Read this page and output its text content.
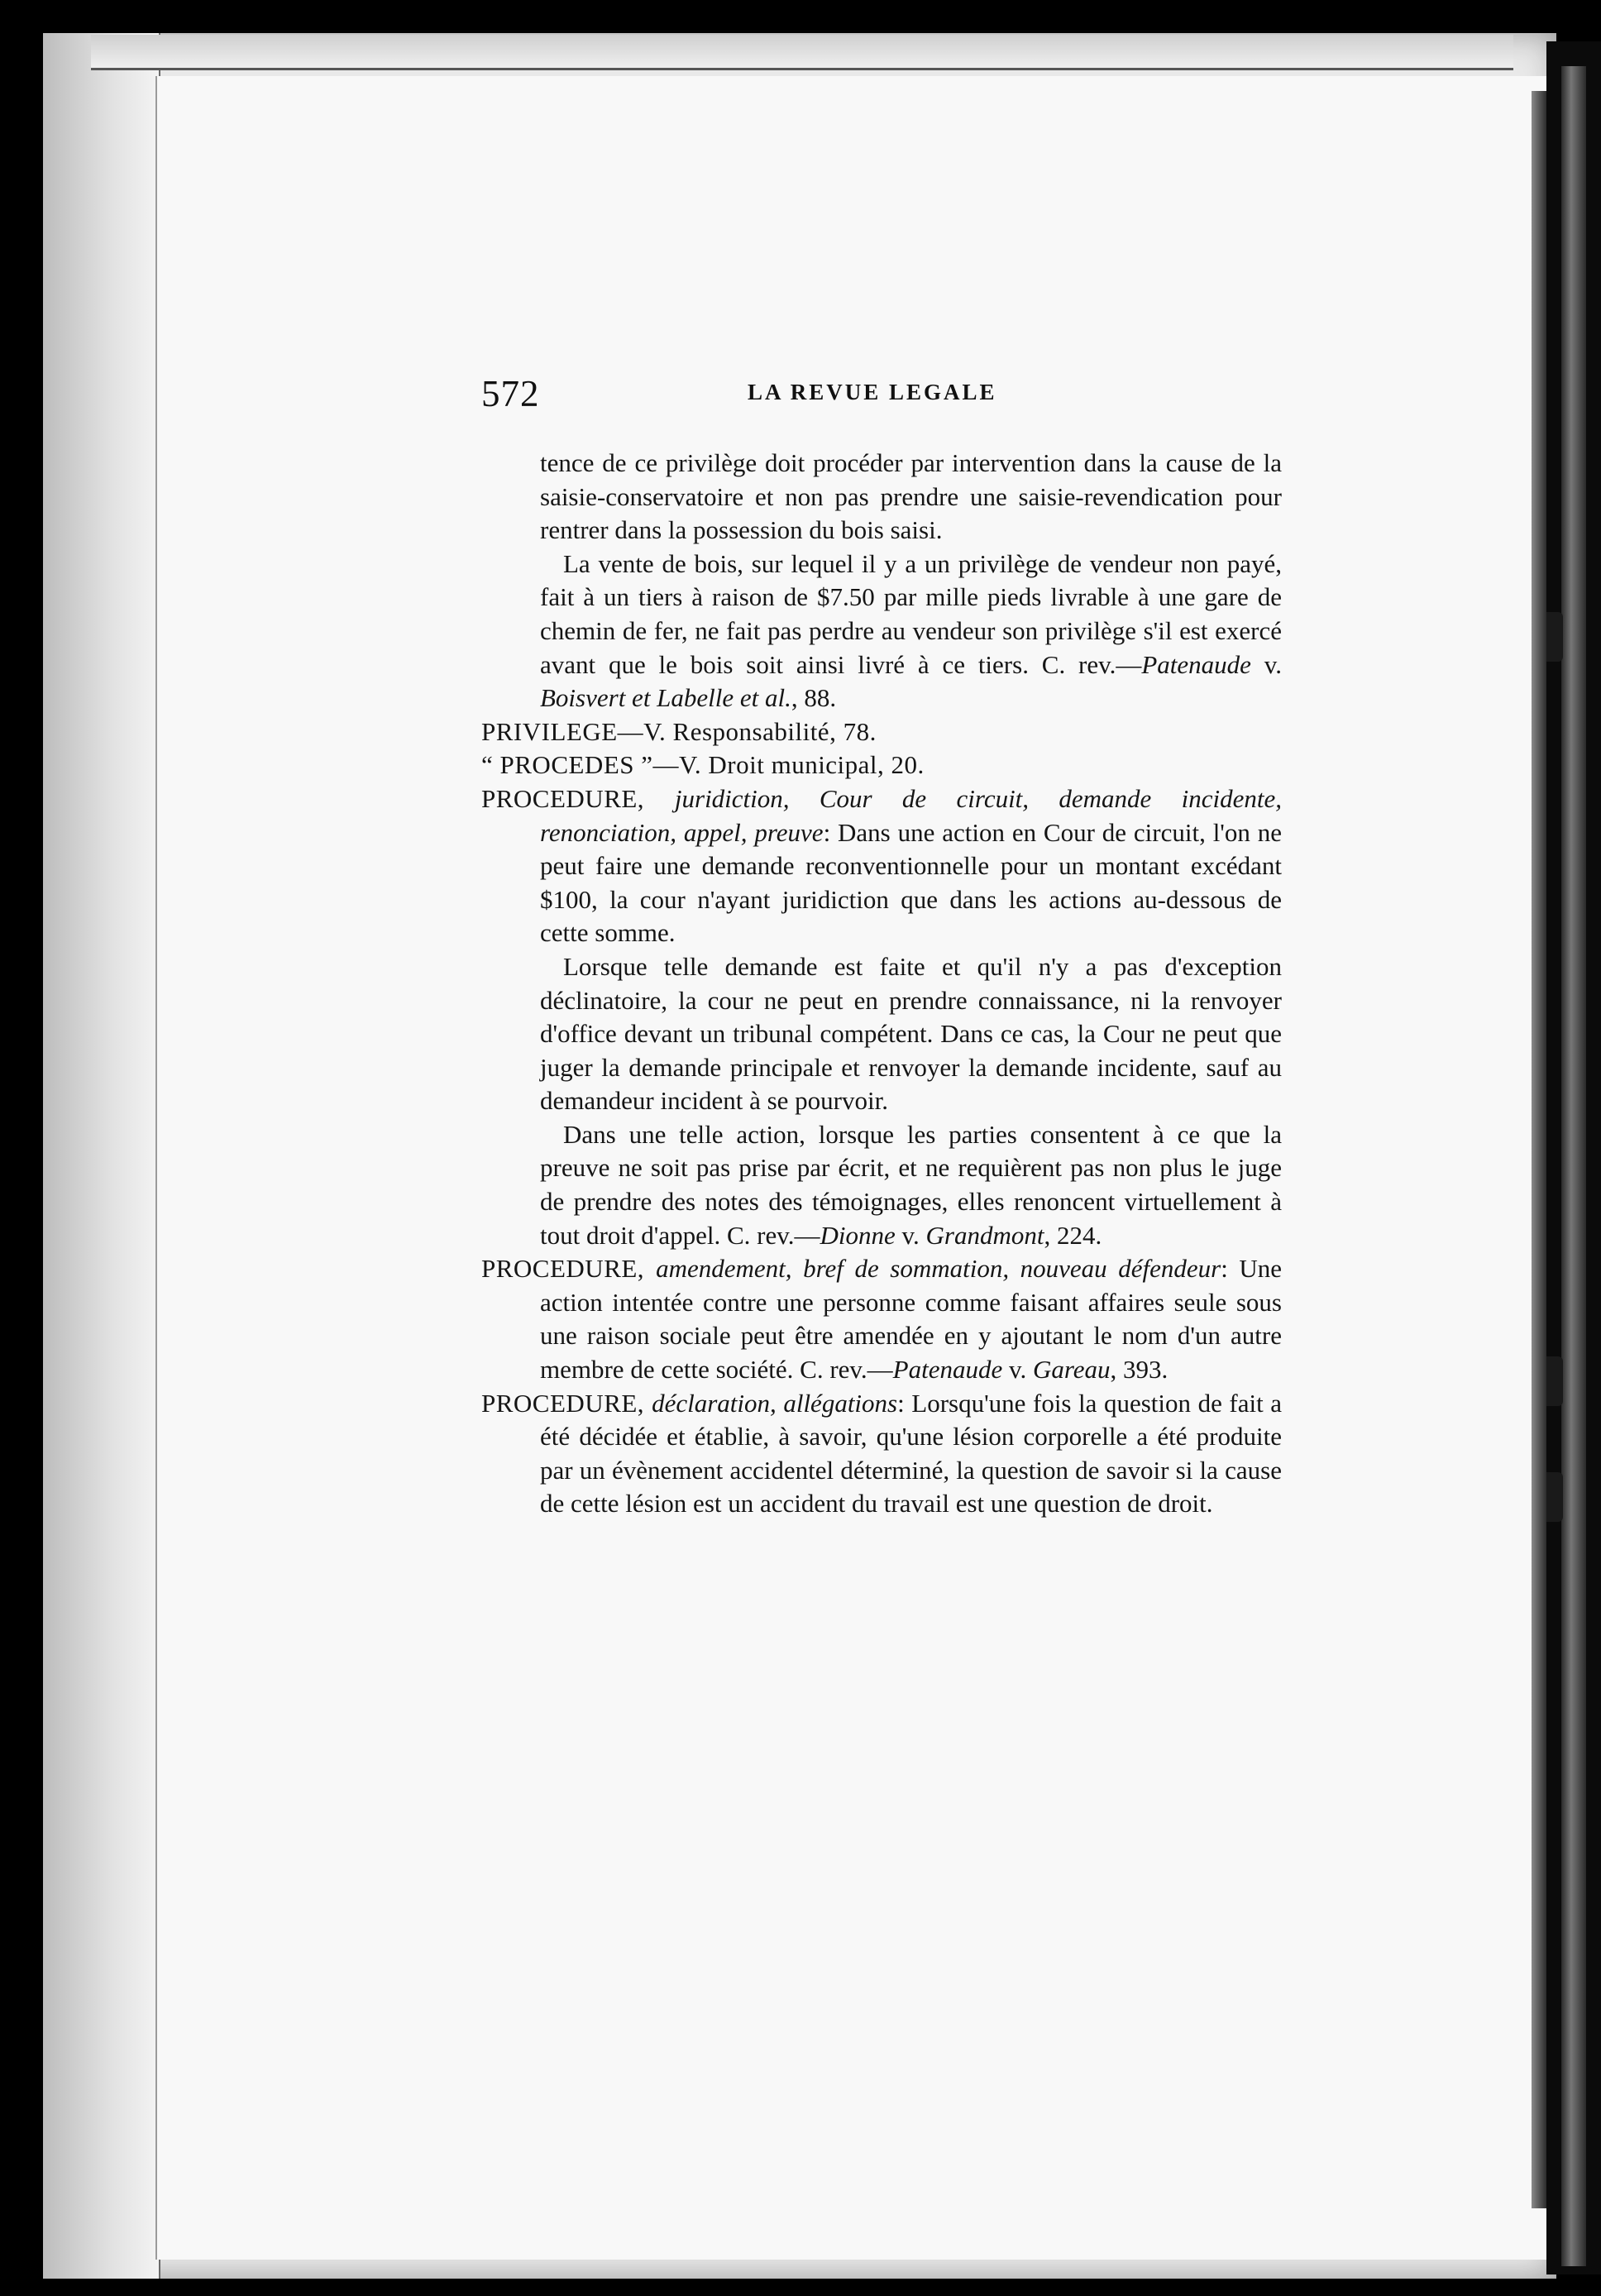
572	LA REVUE LEGALE

tence de ce privilège doit procéder par intervention dans la cause de la saisie-conservatoire et non pas prendre une saisie-revendication pour rentrer dans la possession du bois saisi.

La vente de bois, sur lequel il y a un privilège de vendeur non payé, fait à un tiers à raison de $7.50 par mille pieds livrable à une gare de chemin de fer, ne fait pas perdre au vendeur son privilège s'il est exercé avant que le bois soit ainsi livré à ce tiers. C. rev.—Patenaude v. Boisvert et Labelle et al., 88.

PRIVILEGE—V. Responsabilité, 78.

“ PROCEDES ”—V. Droit municipal, 20.

PROCEDURE, juridiction, Cour de circuit, demande incidente, renonciation, appel, preuve: Dans une action en Cour de circuit, l'on ne peut faire une demande reconventionnelle pour un montant excédant $100, la cour n'ayant juridiction que dans les actions au-dessous de cette somme.

Lorsque telle demande est faite et qu'il n'y a pas d'exception déclinatoire, la cour ne peut en prendre connaissance, ni la renvoyer d'office devant un tribunal compétent. Dans ce cas, la Cour ne peut que juger la demande principale et renvoyer la demande incidente, sauf au demandeur incident à se pourvoir.

Dans une telle action, lorsque les parties consentent à ce que la preuve ne soit pas prise par écrit, et ne requièrent pas non plus le juge de prendre des notes des témoignages, elles renoncent virtuellement à tout droit d'appel. C. rev.—Dionne v. Grandmont, 224.

PROCEDURE, amendement, bref de sommation, nouveau défendeur: Une action intentée contre une personne comme faisant affaires seule sous une raison sociale peut être amendée en y ajoutant le nom d'un autre membre de cette société. C. rev.—Patenaude v. Gareau, 393.

PROCEDURE, déclaration, allégations: Lorsqu'une fois la question de fait a été décidée et établie, à savoir, qu'une lésion corporelle a été produite par un évènement accidentel déterminé, la question de savoir si la cause de cette lésion est un accident du travail est une question de droit.
